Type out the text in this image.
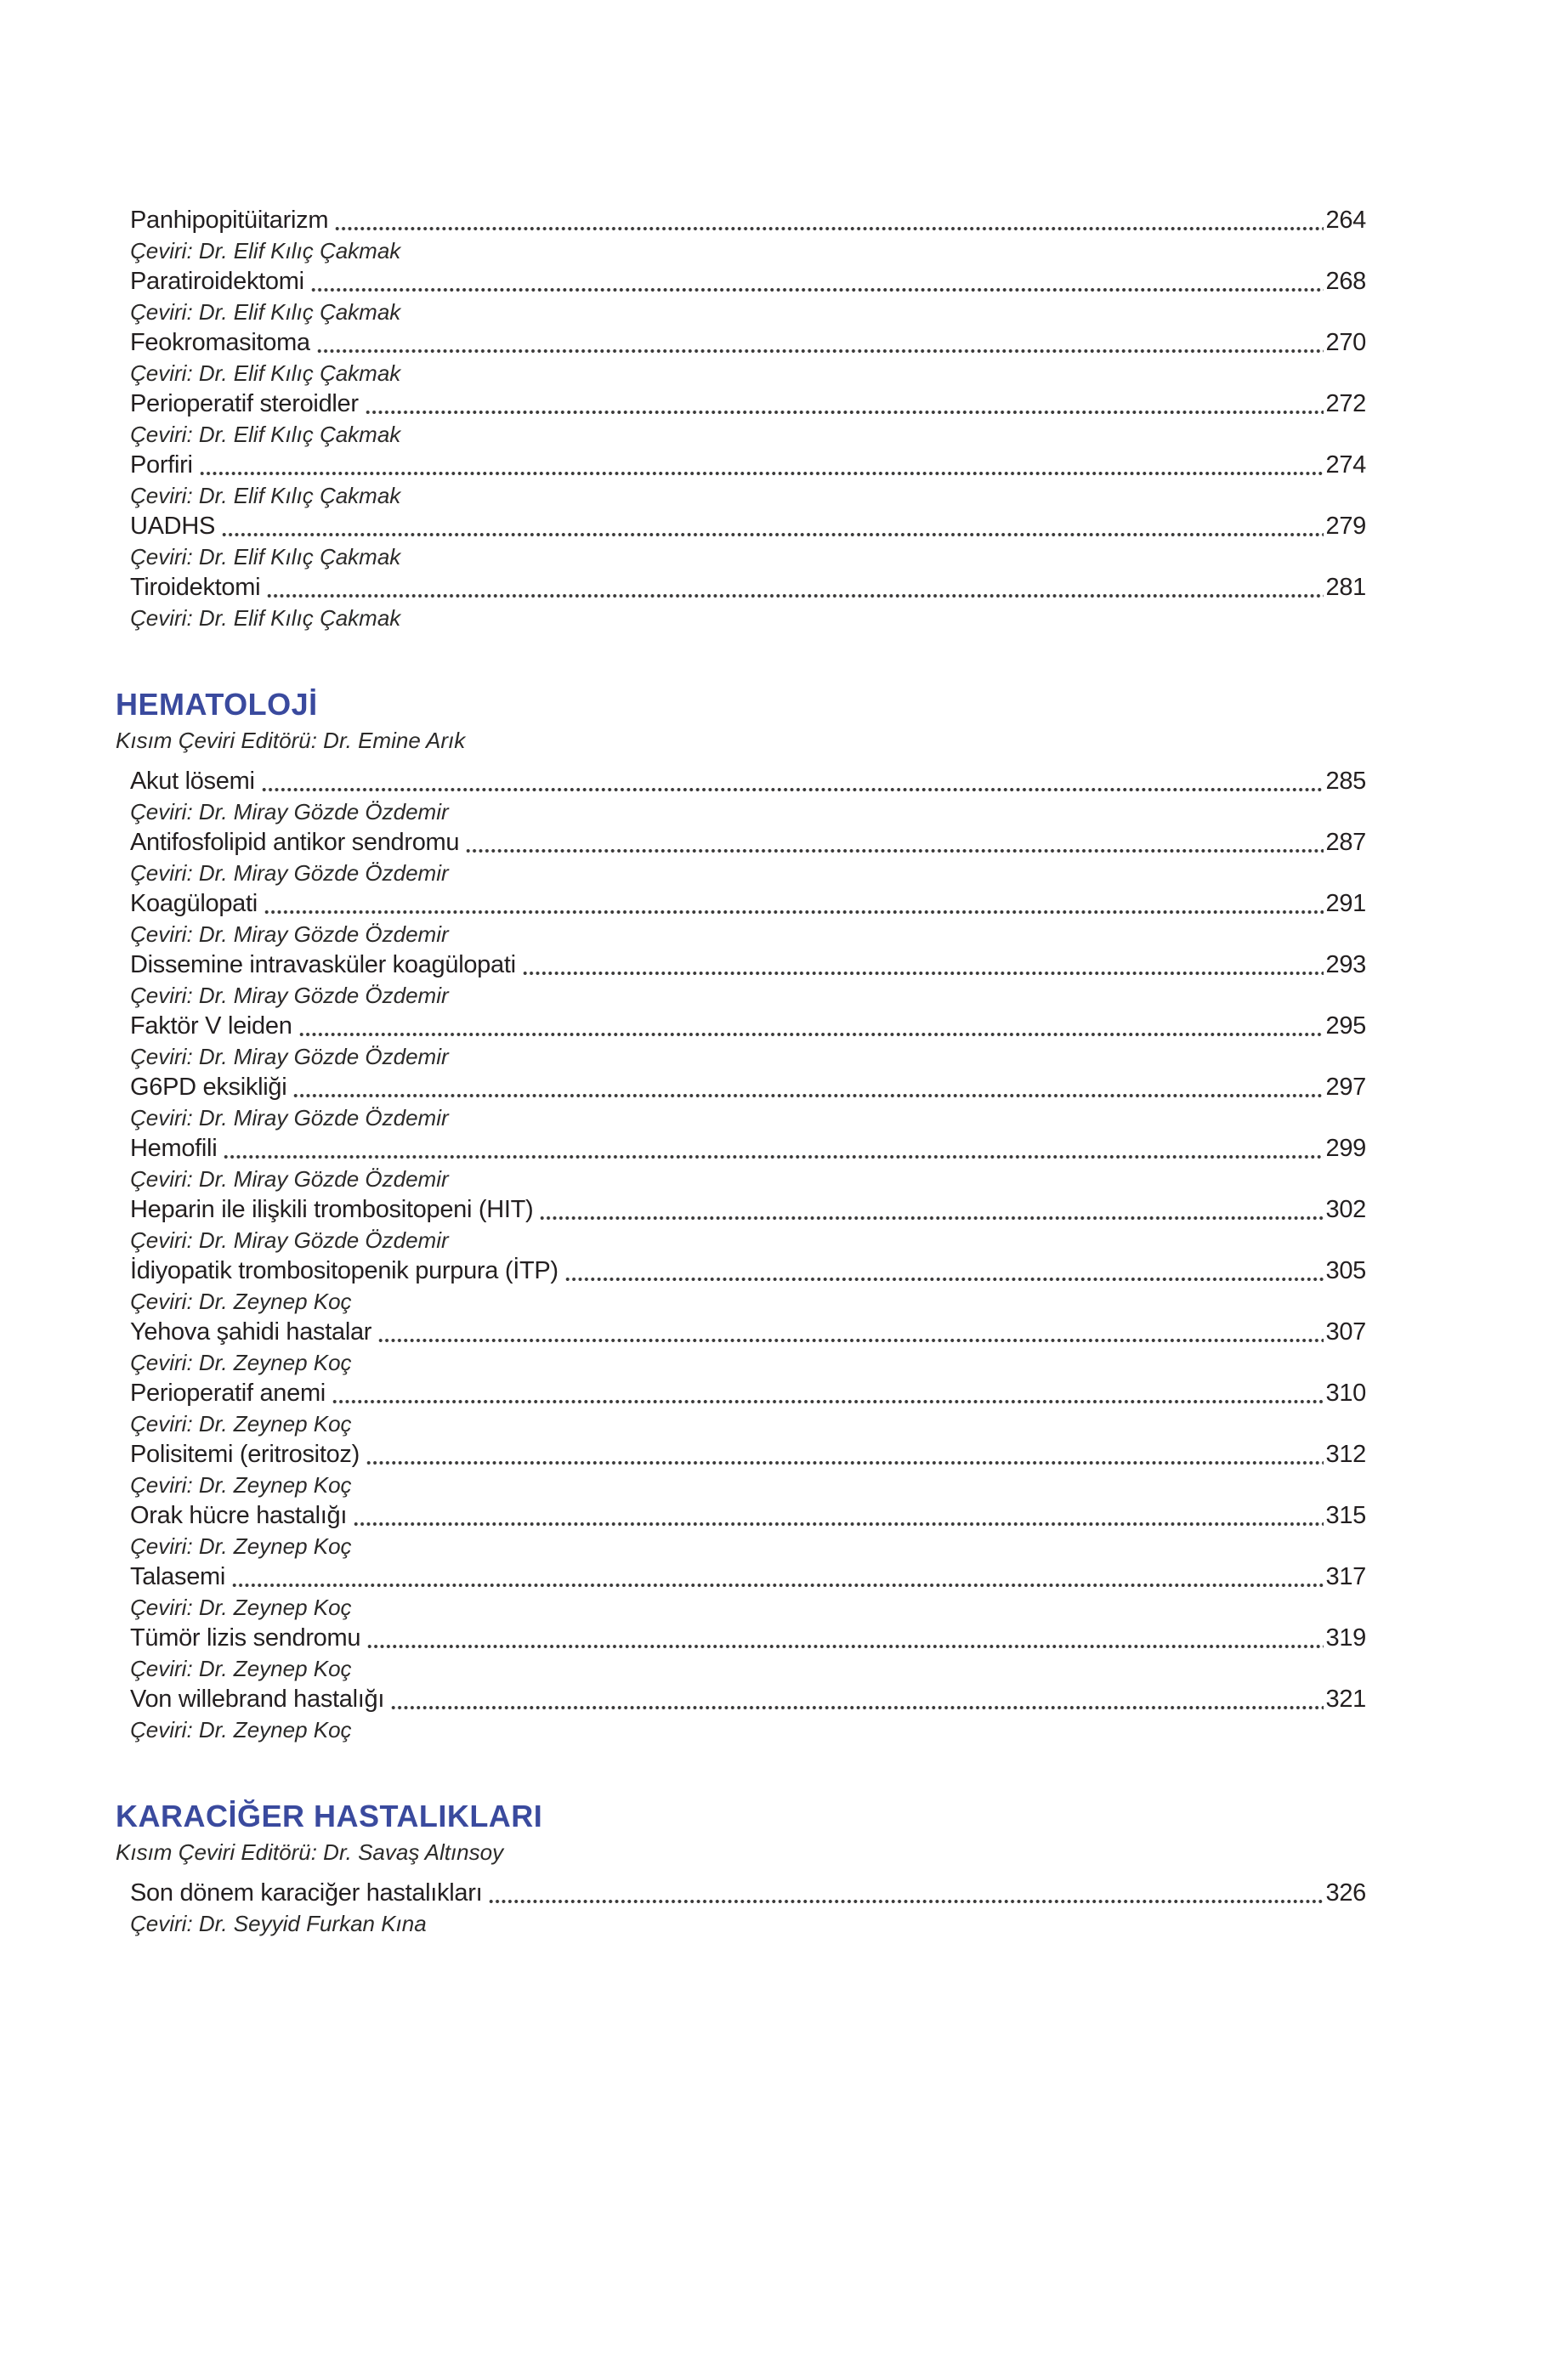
Panhipopitüitarizm	264
Çeviri: Dr. Elif Kılıç Çakmak
Paratiroidektomi	268
Çeviri: Dr. Elif Kılıç Çakmak
Feokromasitoma	270
Çeviri: Dr. Elif Kılıç Çakmak
Perioperatif steroidler	272
Çeviri: Dr. Elif Kılıç Çakmak
Porfiri	274
Çeviri: Dr. Elif Kılıç Çakmak
UADHS	279
Çeviri: Dr. Elif Kılıç Çakmak
Tiroidektomi	281
Çeviri: Dr. Elif Kılıç Çakmak
HEMATOLOJİ
Kısım Çeviri Editörü: Dr. Emine Arık
Akut lösemi	285
Çeviri: Dr. Miray Gözde Özdemir
Antifosfolipid antikor sendromu	287
Çeviri: Dr. Miray Gözde Özdemir
Koagülopati	291
Çeviri: Dr. Miray Gözde Özdemir
Dissemine intravasküler koagülopati	293
Çeviri: Dr. Miray Gözde Özdemir
Faktör V leiden	295
Çeviri: Dr. Miray Gözde Özdemir
G6PD eksikliği	297
Çeviri: Dr. Miray Gözde Özdemir
Hemofili	299
Çeviri: Dr. Miray Gözde Özdemir
Heparin ile ilişkili trombositopeni (HIT)	302
Çeviri: Dr. Miray Gözde Özdemir
İdiyopatik trombositopenik purpura (İTP)	305
Çeviri: Dr. Zeynep Koç
Yehova şahidi hastalar	307
Çeviri: Dr. Zeynep Koç
Perioperatif anemi	310
Çeviri: Dr. Zeynep Koç
Polisitemi (eritrositoz)	312
Çeviri: Dr. Zeynep Koç
Orak hücre hastalığı	315
Çeviri: Dr. Zeynep Koç
Talasemi	317
Çeviri: Dr. Zeynep Koç
Tümör lizis sendromu	319
Çeviri: Dr. Zeynep Koç
Von willebrand hastalığı	321
Çeviri: Dr. Zeynep Koç
KARACİĞER HASTALIKLARI
Kısım Çeviri Editörü: Dr. Savaş Altınsoy
Son dönem karaciğer hastalıkları	326
Çeviri: Dr. Seyyid Furkan Kına
